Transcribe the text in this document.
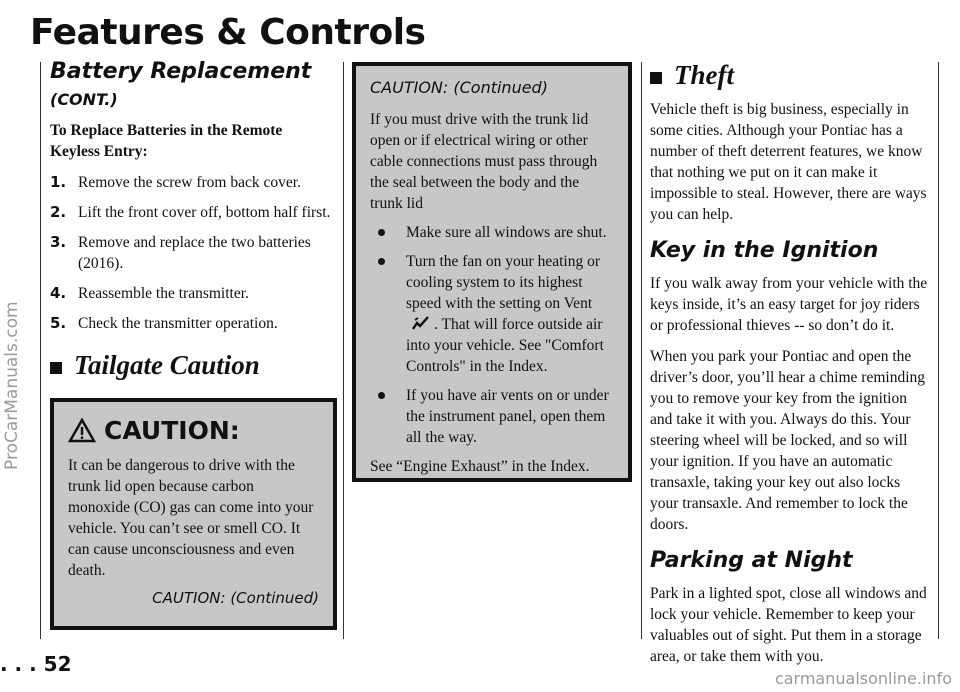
Features & Controls
Battery Replacement
(CONT.)
To Replace Batteries in the Remote Keyless Entry:
1. Remove the screw from back cover.
2. Lift the front cover off, bottom half first.
3. Remove and replace the two batteries (2016).
4. Reassemble the transmitter.
5. Check the transmitter operation.
Tailgate Caution
CAUTION:

It can be dangerous to drive with the trunk lid open because carbon monoxide (CO) gas can come into your vehicle. You can’t see or smell CO. It can cause unconsciousness and even death.

CAUTION: (Continued)
CAUTION: (Continued)

If you must drive with the trunk lid open or if electrical wiring or other cable connections must pass through the seal between the body and the trunk lid

Make sure all windows are shut.
Turn the fan on your heating or cooling system to its highest speed with the setting on Vent . That will force outside air into your vehicle. See "Comfort Controls" in the Index.
If you have air vents on or under the instrument panel, open them all the way.

See “Engine Exhaust” in the Index.

Theft

Vehicle theft is big business, especially in some cities. Although your Pontiac has a number of theft deterrent features, we know that nothing we put on it can make it impossible to steal. However, there are ways you can help.

Key in the Ignition

If you walk away from your vehicle with the keys inside, it’s an easy target for joy riders or professional thieves -- so don’t do it.

When you park your Pontiac and open the driver’s door, you’ll hear a chime reminding you to remove your key from the ignition and take it with you. Always do this. Your steering wheel will be locked, and so will your ignition. If you have an automatic transaxle, taking your key out also locks your transaxle. And remember to lock the doors.

Parking at Night

Park in a lighted spot, close all windows and lock your vehicle. Remember to keep your valuables out of sight. Put them in a storage area, or take them with you.

. . . 52
ProCarManuals.com
carmanualsonline.info
